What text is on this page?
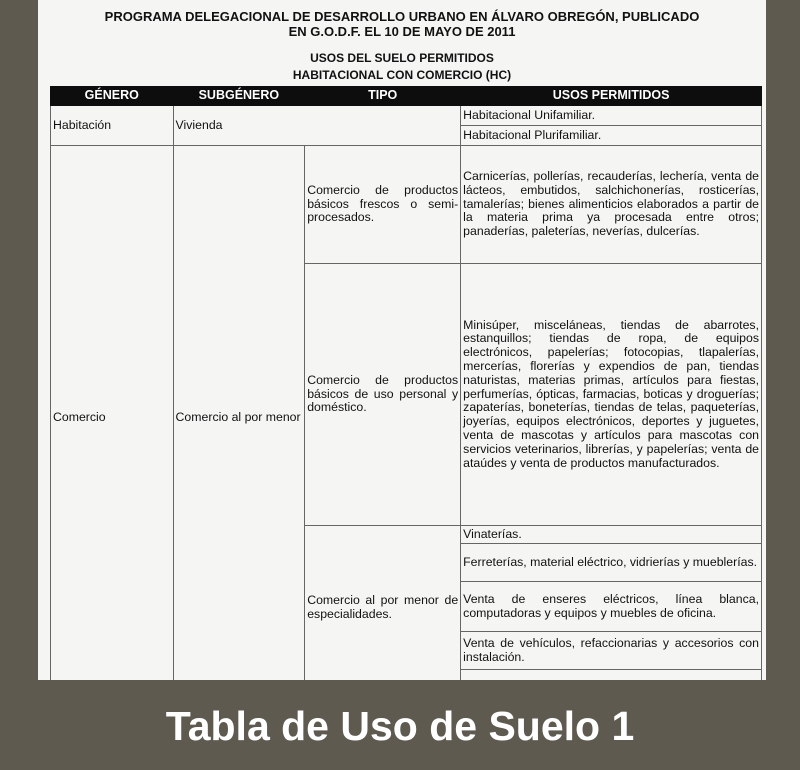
PROGRAMA DELEGACIONAL DE DESARROLLO URBANO EN ÁLVARO OBREGÓN, PUBLICADO
EN G.O.D.F. EL 10 DE MAYO DE 2011
USOS DEL SUELO PERMITIDOS
HABITACIONAL CON COMERCIO (HC)
GÉNERO	SUBGÉNERO	TIPO	USOS PERMITIDOS
Habitación	Vivienda		Habitacional Unifamiliar.
			Habitacional Plurifamiliar.
Comercio	Comercio al por menor	Comercio de productos básicos frescos o semi-procesados.	Carnicerías, pollerías, recauderías, lechería, venta de lácteos, embutidos, salchichonerías, rosticerías, tamalerías; bienes alimenticios elaborados a partir de la materia prima ya procesada entre otros; panaderías, paleterías, neverías, dulcerías.
		Comercio de productos básicos de uso personal y doméstico.	Minisúper, misceláneas, tiendas de abarrotes, estanquillos; tiendas de ropa, de equipos electrónicos, papelerías; fotocopias, tlapalerías, mercerías, florerías y expendios de pan, tiendas naturistas, materias primas, artículos para fiestas, perfumerías, ópticas, farmacias, boticas y droguerías; zapaterías, boneterías, tiendas de telas, paqueterías, joyerías, equipos electrónicos, deportes y juguetes, venta de mascotas y artículos para mascotas con servicios veterinarios, librerías, y papelerías; venta de ataúdes y venta de productos manufacturados.
		Comercio al por menor de especialidades.	Vinaterías.
			Ferreterías, material eléctrico, vidrierías y mueblerías.
			Venta de enseres eléctricos, línea blanca, computadoras y equipos y muebles de oficina.
			Venta de vehículos, refaccionarias y accesorios con instalación.

Tabla de Uso de Suelo 1
